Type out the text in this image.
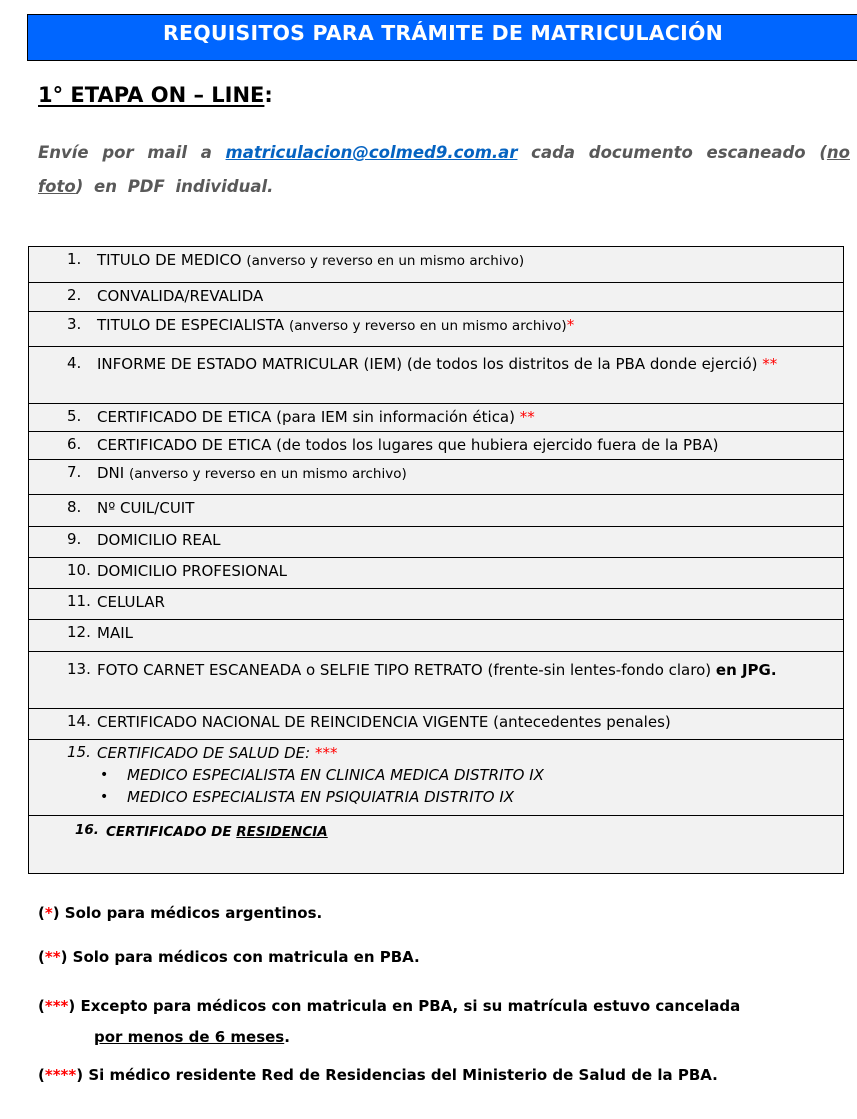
REQUISITOS PARA TRÁMITE DE MATRICULACIÓN
1° ETAPA ON – LINE:
Envíe por mail a matriculacion@colmed9.com.ar cada documento escaneado (no foto) en PDF individual.
1. TITULO DE MEDICO (anverso y reverso en un mismo archivo)
2. CONVALIDA/REVALIDA
3. TITULO DE ESPECIALISTA (anverso y reverso en un mismo archivo)*
4. INFORME DE ESTADO MATRICULAR (IEM) (de todos los distritos de la PBA donde ejerció) **
5. CERTIFICADO DE ETICA (para IEM sin información ética) **
6. CERTIFICADO DE ETICA (de todos los lugares que hubiera ejercido fuera de la PBA)
7. DNI (anverso y reverso en un mismo archivo)
8. Nº CUIL/CUIT
9. DOMICILIO REAL
10. DOMICILIO PROFESIONAL
11. CELULAR
12. MAIL
13. FOTO CARNET ESCANEADA o SELFIE TIPO RETRATO (frente-sin lentes-fondo claro) en JPG.
14. CERTIFICADO NACIONAL DE REINCIDENCIA VIGENTE (antecedentes penales)
15. CERTIFICADO DE SALUD DE: ***
• MEDICO ESPECIALISTA EN CLINICA MEDICA DISTRITO IX
• MEDICO ESPECIALISTA EN PSIQUIATRIA DISTRITO IX
16. CERTIFICADO DE RESIDENCIA
(*) Solo para médicos argentinos.
(**) Solo para médicos con matricula en PBA.
(***) Excepto para médicos con matricula en PBA, si su matrícula estuvo cancelada
por menos de 6 meses.
(****) Si médico residente Red de Residencias del Ministerio de Salud de la PBA.
